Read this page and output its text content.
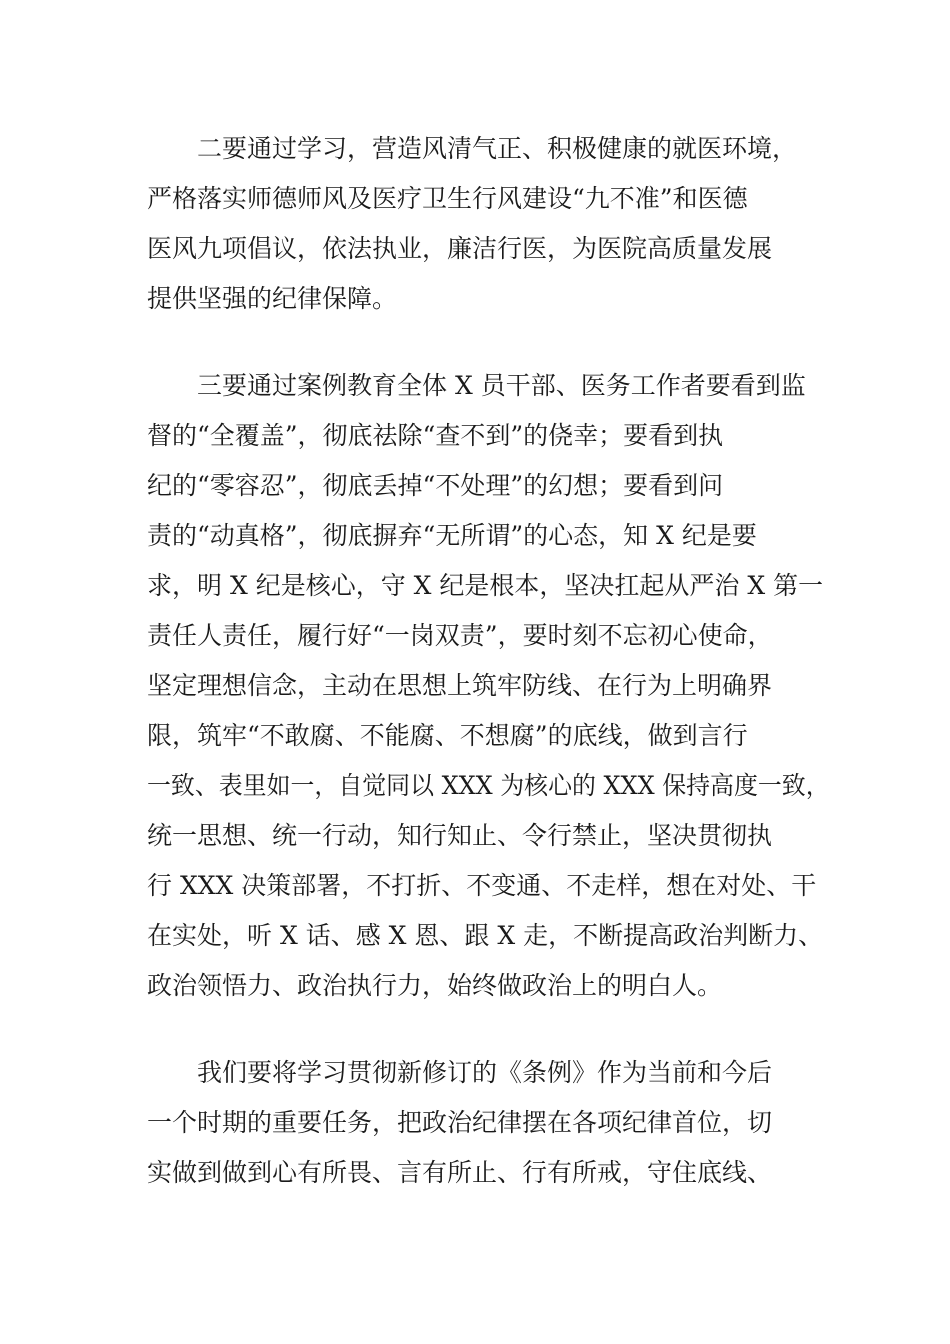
二要通过学习，营造风清气正、积极健康的就医环境，
严格落实师德师风及医疗卫生行风建设“九不准”和医德
医风九项倡议，依法执业，廉洁行医，为医院高质量发展
提供坚强的纪律保障。
三要通过案例教育全体 X 员干部、医务工作者要看到监
督的“全覆盖”，彻底祛除“查不到”的侥幸；要看到执
纪的“零容忍”，彻底丢掉“不处理”的幻想；要看到问
责的“动真格”，彻底摒弃“无所谓”的心态，知 X 纪是要
求，明 X 纪是核心，守 X 纪是根本，坚决扛起从严治 X 第一
责任人责任，履行好“一岗双责”，要时刻不忘初心使命，
坚定理想信念，主动在思想上筑牢防线、在行为上明确界
限，筑牢“不敢腐、不能腐、不想腐”的底线，做到言行
一致、表里如一，自觉同以 XXX 为核心的 XXX 保持高度一致，
统一思想、统一行动，知行知止、令行禁止，坚决贯彻执
行 XXX 决策部署，不打折、不变通、不走样，想在对处、干
在实处，听 X 话、感 X 恩、跟 X 走，不断提高政治判断力、
政治领悟力、政治执行力，始终做政治上的明白人。
我们要将学习贯彻新修订的《条例》作为当前和今后
一个时期的重要任务，把政治纪律摆在各项纪律首位，切
实做到做到心有所畏、言有所止、行有所戒，守住底线、
